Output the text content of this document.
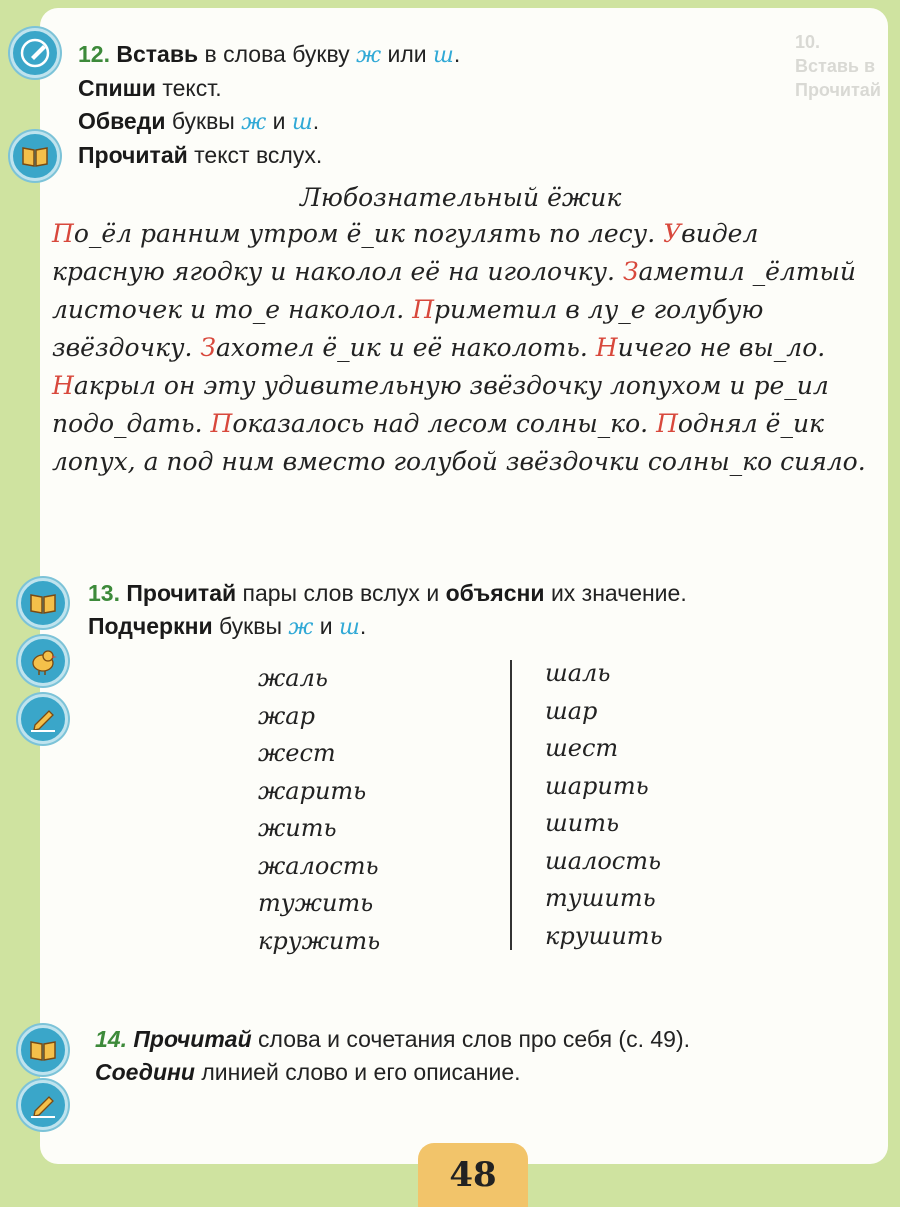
10. Вставь в
Прочитай
12. Вставь в слова букву ж или ш.
Спиши текст.
Обведи буквы ж и ш.
Прочитай текст вслух.
Любознательный ёжик
По_ёл ранним утром ё_ик погулять по лесу. Увидел красную ягодку и наколол её на иголочку. Заметил _ёлтый листочек и то_е наколол. Приметил в лу_е голубую звёздочку. Захотел ё_ик и её наколоть. Ничего не вы_ло. Накрыл он эту удивительную звёздочку лопухом и ре_ил подо_дать. Показалось над лесом солны_ко. Поднял ё_ик лопух, а под ним вместо голубой звёздочки солны_ко сияло.
13. Прочитай пары слов вслух и объясни их значение.
Подчеркни буквы ж и ш.
жаль
жар
жест
жарить
жить
жалость
тужить
кружить
шаль
шар
шест
шарить
шить
шалость
тушить
крушить
14. Прочитай слова и сочетания слов про себя (с. 49).
Соедини линией слово и его описание.
48
